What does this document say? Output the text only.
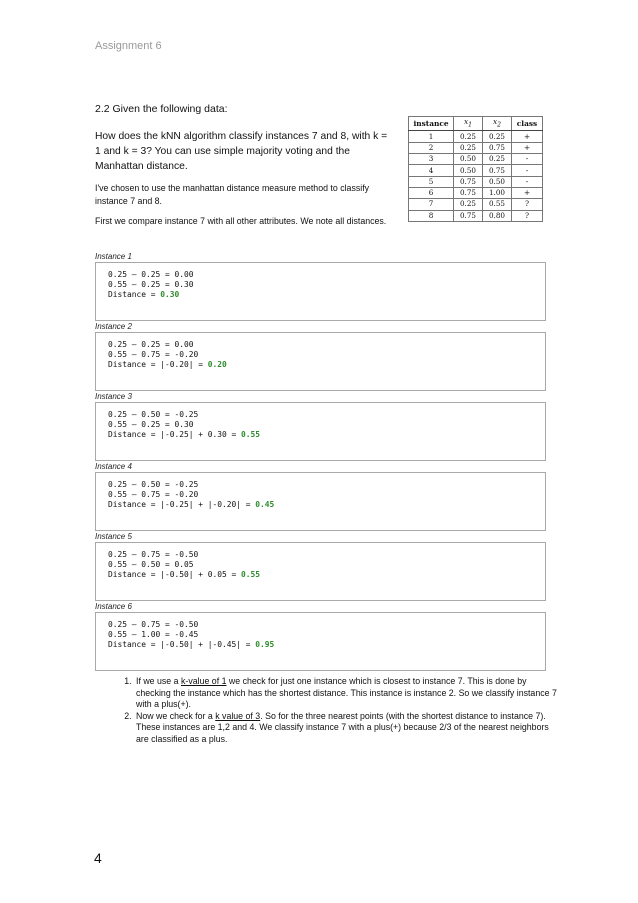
Assignment 6
2.2 Given the following data:
How does the kNN algorithm classify instances 7 and 8, with k = 1 and k = 3? You can use simple majority voting and the Manhattan distance.
I've chosen to use the manhattan distance measure method to classify instance 7 and 8.
First we compare instance 7 with all other attributes. We note all distances.
instance	$x_1$	$x_2$	class
1	0.25	0.25	+
2	0.25	0.75	+
3	0.50	0.25	-
4	0.50	0.75	-
5	0.75	0.50	-
6	0.75	1.00	+
7	0.25	0.55	?
8	0.75	0.80	?
Instance 1
0.25 – 0.25 = 0.00
0.55 – 0.25 = 0.30
Distance = 0.30
Instance 2
0.25 – 0.25 = 0.00
0.55 – 0.75 = -0.20
Distance = |-0.20| = 0.20
Instance 3
0.25 – 0.50 = -0.25
0.55 – 0.25 = 0.30
Distance = |-0.25| + 0.30 = 0.55
Instance 4
0.25 – 0.50 = -0.25
0.55 – 0.75 = -0.20
Distance = |-0.25| + |-0.20| = 0.45
Instance 5
0.25 – 0.75 = -0.50
0.55 – 0.50 = 0.05
Distance = |-0.50| + 0.05 = 0.55
Instance 6
0.25 – 0.75 = -0.50
0.55 – 1.00 = -0.45
Distance = |-0.50| + |-0.45| = 0.95
1. If we use a k-value of 1 we check for just one instance which is closest to instance 7. This is done by checking the instance which has the shortest distance. This instance is instance 2. So we classify instance 7 with a plus(+).
2. Now we check for a k value of 3. So for the three nearest points (with the shortest distance to instance 7). These instances are 1,2 and 4. We classify instance 7 with a plus(+) because 2/3 of the nearest neighbors are classified as a plus.
4
